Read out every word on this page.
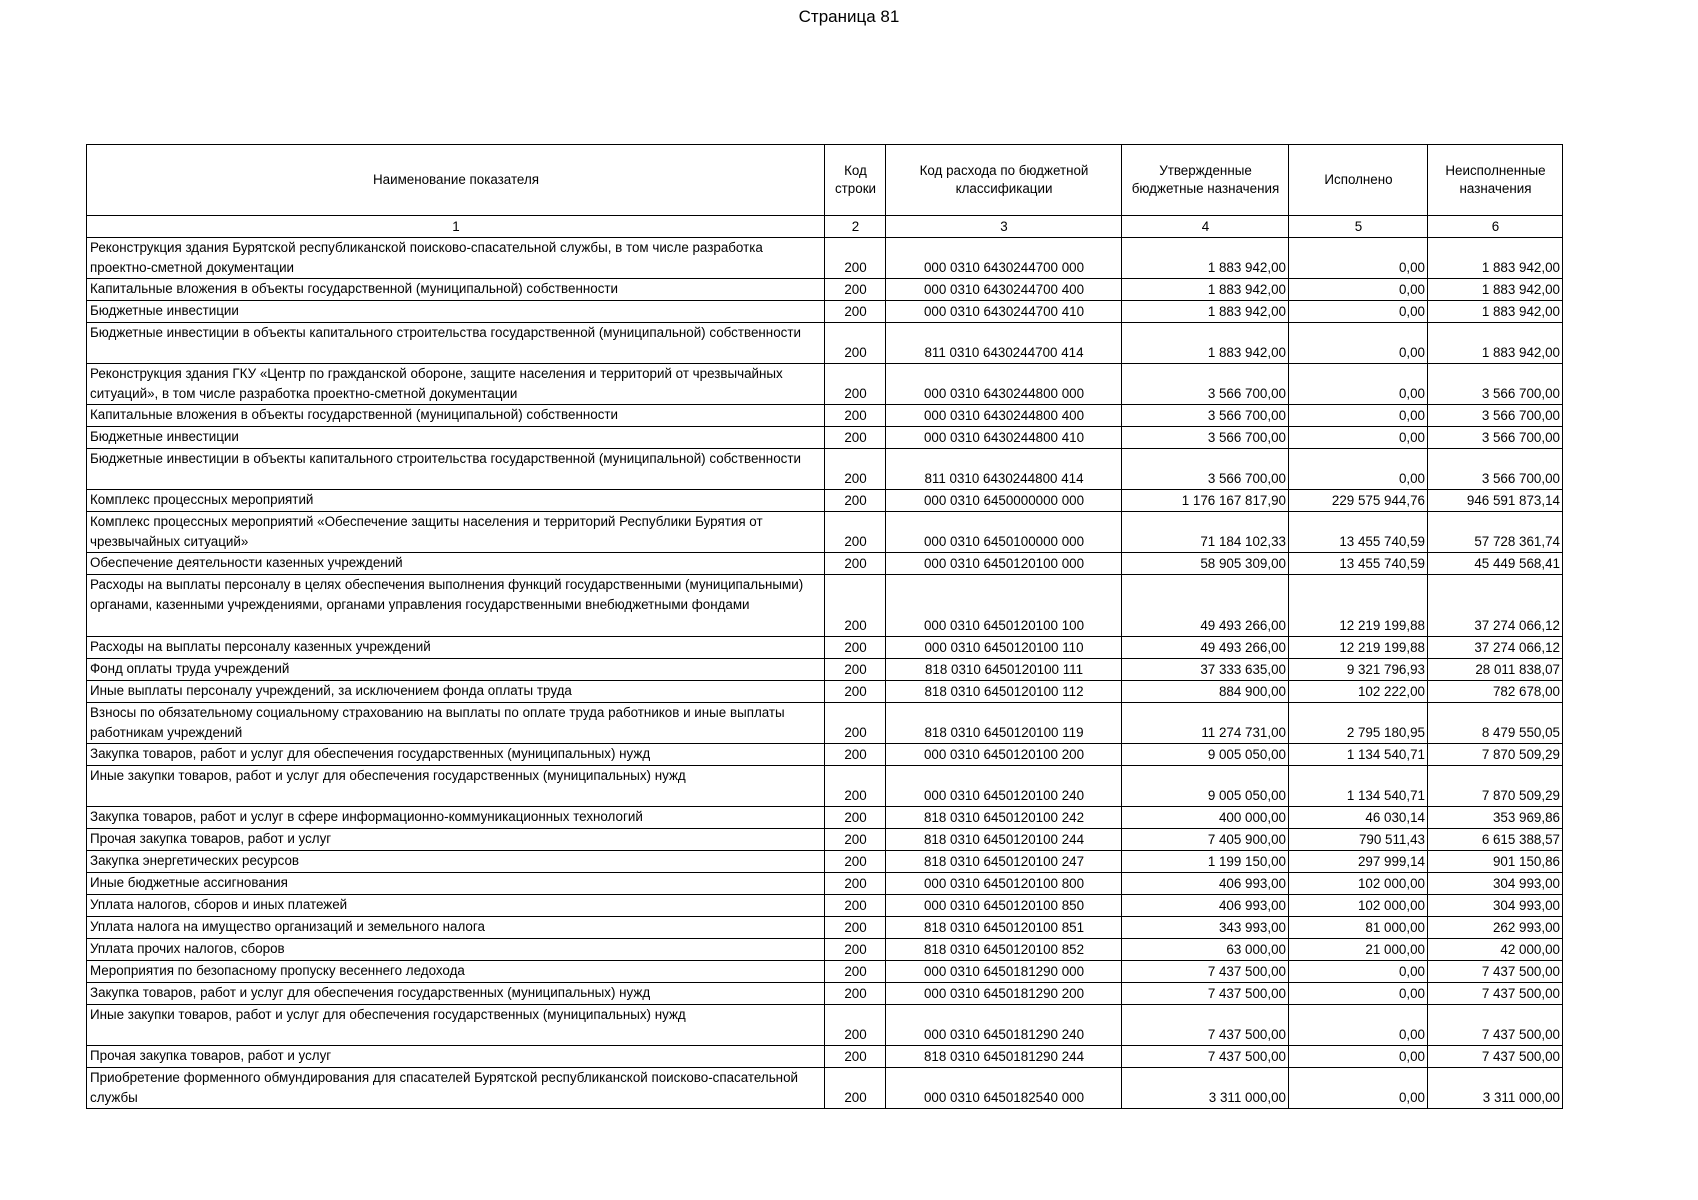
Страница 81
Наименование показателя	Код строки	Код расхода по бюджетной классификации	Утвержденные бюджетные назначения	Исполнено	Неисполненные назначения
1	2	3	4	5	6
Реконструкция здания Бурятской республиканской поисково-спасательной службы, в том числе разработка проектно-сметной документации	200	000 0310 6430244700 000	1 883 942,00	0,00	1 883 942,00
Капитальные вложения в объекты государственной (муниципальной) собственности	200	000 0310 6430244700 400	1 883 942,00	0,00	1 883 942,00
Бюджетные инвестиции	200	000 0310 6430244700 410	1 883 942,00	0,00	1 883 942,00
Бюджетные инвестиции в объекты капитального строительства государственной (муниципальной) собственности	200	811 0310 6430244700 414	1 883 942,00	0,00	1 883 942,00
Реконструкция здания ГКУ «Центр по гражданской обороне, защите населения и территорий от чрезвычайных ситуаций», в том числе разработка проектно-сметной документации	200	000 0310 6430244800 000	3 566 700,00	0,00	3 566 700,00
Капитальные вложения в объекты государственной (муниципальной) собственности	200	000 0310 6430244800 400	3 566 700,00	0,00	3 566 700,00
Бюджетные инвестиции	200	000 0310 6430244800 410	3 566 700,00	0,00	3 566 700,00
Бюджетные инвестиции в объекты капитального строительства государственной (муниципальной) собственности	200	811 0310 6430244800 414	3 566 700,00	0,00	3 566 700,00
Комплекс процессных мероприятий	200	000 0310 6450000000 000	1 176 167 817,90	229 575 944,76	946 591 873,14
Комплекс процессных мероприятий «Обеспечение защиты населения и территорий Республики Бурятия от чрезвычайных ситуаций»	200	000 0310 6450100000 000	71 184 102,33	13 455 740,59	57 728 361,74
Обеспечение деятельности казенных учреждений	200	000 0310 6450120100 000	58 905 309,00	13 455 740,59	45 449 568,41
Расходы на выплаты персоналу в целях обеспечения выполнения функций государственными (муниципальными) органами, казенными учреждениями, органами управления государственными внебюджетными фондами	200	000 0310 6450120100 100	49 493 266,00	12 219 199,88	37 274 066,12
Расходы на выплаты персоналу казенных учреждений	200	000 0310 6450120100 110	49 493 266,00	12 219 199,88	37 274 066,12
Фонд оплаты труда учреждений	200	818 0310 6450120100 111	37 333 635,00	9 321 796,93	28 011 838,07
Иные выплаты персоналу учреждений, за исключением фонда оплаты труда	200	818 0310 6450120100 112	884 900,00	102 222,00	782 678,00
Взносы по обязательному социальному страхованию на выплаты по оплате труда работников и иные выплаты работникам учреждений	200	818 0310 6450120100 119	11 274 731,00	2 795 180,95	8 479 550,05
Закупка товаров, работ и услуг для обеспечения государственных (муниципальных) нужд	200	000 0310 6450120100 200	9 005 050,00	1 134 540,71	7 870 509,29
Иные закупки товаров, работ и услуг для обеспечения государственных (муниципальных) нужд	200	000 0310 6450120100 240	9 005 050,00	1 134 540,71	7 870 509,29
Закупка товаров, работ и услуг в сфере информационно-коммуникационных технологий	200	818 0310 6450120100 242	400 000,00	46 030,14	353 969,86
Прочая закупка товаров, работ и услуг	200	818 0310 6450120100 244	7 405 900,00	790 511,43	6 615 388,57
Закупка энергетических ресурсов	200	818 0310 6450120100 247	1 199 150,00	297 999,14	901 150,86
Иные бюджетные ассигнования	200	000 0310 6450120100 800	406 993,00	102 000,00	304 993,00
Уплата налогов, сборов и иных платежей	200	000 0310 6450120100 850	406 993,00	102 000,00	304 993,00
Уплата налога на имущество организаций и земельного налога	200	818 0310 6450120100 851	343 993,00	81 000,00	262 993,00
Уплата прочих налогов, сборов	200	818 0310 6450120100 852	63 000,00	21 000,00	42 000,00
Мероприятия по безопасному пропуску весеннего ледохода	200	000 0310 6450181290 000	7 437 500,00	0,00	7 437 500,00
Закупка товаров, работ и услуг для обеспечения государственных (муниципальных) нужд	200	000 0310 6450181290 200	7 437 500,00	0,00	7 437 500,00
Иные закупки товаров, работ и услуг для обеспечения государственных (муниципальных) нужд	200	000 0310 6450181290 240	7 437 500,00	0,00	7 437 500,00
Прочая закупка товаров, работ и услуг	200	818 0310 6450181290 244	7 437 500,00	0,00	7 437 500,00
Приобретение форменного обмундирования для спасателей Бурятской республиканской поисково-спасательной службы	200	000 0310 6450182540 000	3 311 000,00	0,00	3 311 000,00
